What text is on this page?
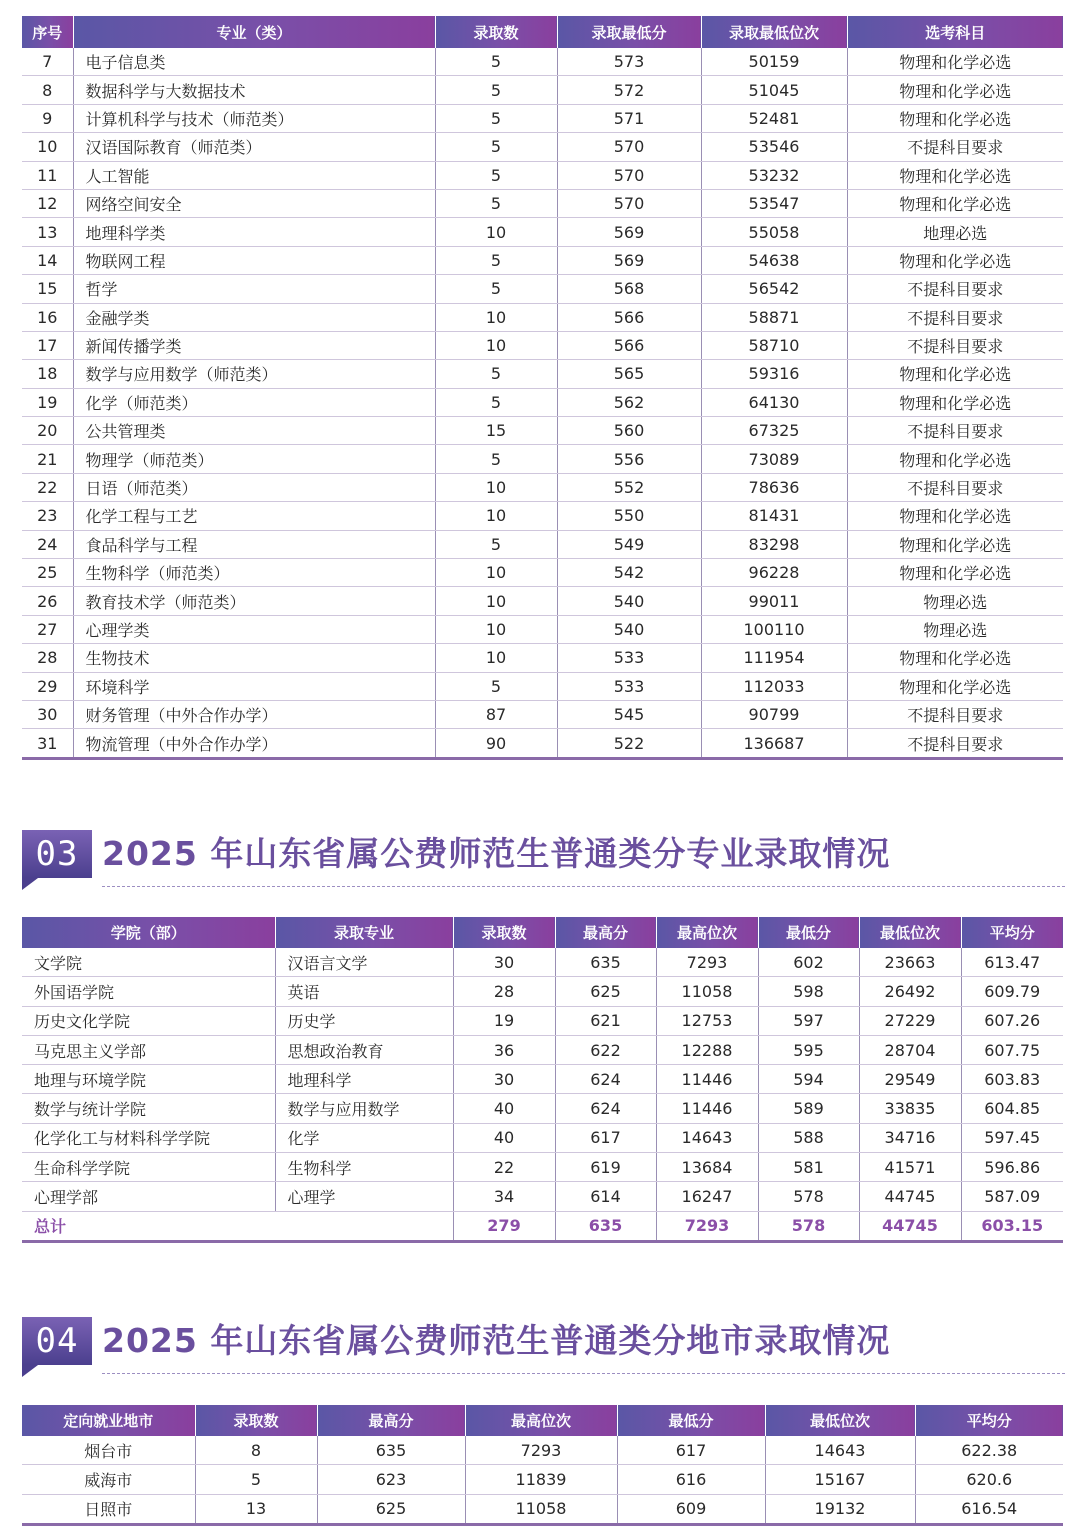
序号	专业（类）	录取数	录取最低分	录取最低位次	选考科目
7	电子信息类	5	573	50159	物理和化学必选
8	数据科学与大数据技术	5	572	51045	物理和化学必选
9	计算机科学与技术（师范类）	5	571	52481	物理和化学必选
10	汉语国际教育（师范类）	5	570	53546	不提科目要求
11	人工智能	5	570	53232	物理和化学必选
12	网络空间安全	5	570	53547	物理和化学必选
13	地理科学类	10	569	55058	地理必选
14	物联网工程	5	569	54638	物理和化学必选
15	哲学	5	568	56542	不提科目要求
16	金融学类	10	566	58871	不提科目要求
17	新闻传播学类	10	566	58710	不提科目要求
18	数学与应用数学（师范类）	5	565	59316	物理和化学必选
19	化学（师范类）	5	562	64130	物理和化学必选
20	公共管理类	15	560	67325	不提科目要求
21	物理学（师范类）	5	556	73089	物理和化学必选
22	日语（师范类）	10	552	78636	不提科目要求
23	化学工程与工艺	10	550	81431	物理和化学必选
24	食品科学与工程	5	549	83298	物理和化学必选
25	生物科学（师范类）	10	542	96228	物理和化学必选
26	教育技术学（师范类）	10	540	99011	物理必选
27	心理学类	10	540	100110	物理必选
28	生物技术	10	533	111954	物理和化学必选
29	环境科学	5	533	112033	物理和化学必选
30	财务管理（中外合作办学）	87	545	90799	不提科目要求
31	物流管理（中外合作办学）	90	522	136687	不提科目要求
03 2025 年山东省属公费师范生普通类分专业录取情况
学院（部）	录取专业	录取数	最高分	最高位次	最低分	最低位次	平均分
文学院	汉语言文学	30	635	7293	602	23663	613.47
外国语学院	英语	28	625	11058	598	26492	609.79
历史文化学院	历史学	19	621	12753	597	27229	607.26
马克思主义学部	思想政治教育	36	622	12288	595	28704	607.75
地理与环境学院	地理科学	30	624	11446	594	29549	603.83
数学与统计学院	数学与应用数学	40	624	11446	589	33835	604.85
化学化工与材料科学学院	化学	40	617	14643	588	34716	597.45
生命科学学院	生物科学	22	619	13684	581	41571	596.86
心理学部	心理学	34	614	16247	578	44745	587.09
总计		279	635	7293	578	44745	603.15
04 2025 年山东省属公费师范生普通类分地市录取情况
定向就业地市	录取数	最高分	最高位次	最低分	最低位次	平均分
烟台市	8	635	7293	617	14643	622.38
威海市	5	623	11839	616	15167	620.6
日照市	13	625	11058	609	19132	616.54
